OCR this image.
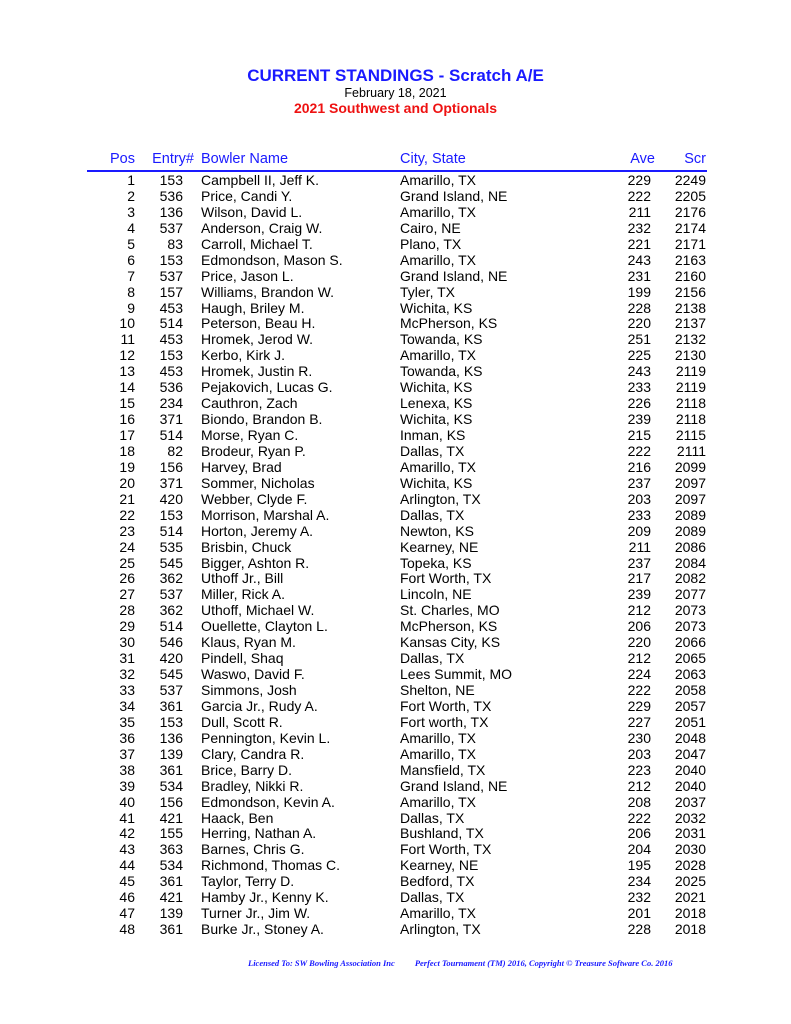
CURRENT STANDINGS - Scratch A/E
February 18, 2021
2021 Southwest and Optionals
Pos Entry# Bowler Name	City, State	Ave Scr
1 153 Campbell II, Jeff K.	Amarillo, TX	229 2249
2 536 Price, Candi Y.	Grand Island, NE	222 2205
3 136 Wilson, David L.	Amarillo, TX	211 2176
4 537 Anderson, Craig W.	Cairo, NE	232 2174
5 83 Carroll, Michael T.	Plano, TX	221 2171
6 153 Edmondson, Mason S.	Amarillo, TX	243 2163
7 537 Price, Jason L.	Grand Island, NE	231 2160
8 157 Williams, Brandon W.	Tyler, TX	199 2156
9 453 Haugh, Briley M.	Wichita, KS	228 2138
10 514 Peterson, Beau H.	McPherson, KS	220 2137
11 453 Hromek, Jerod W.	Towanda, KS	251 2132
12 153 Kerbo, Kirk J.	Amarillo, TX	225 2130
13 453 Hromek, Justin R.	Towanda, KS	243 2119
14 536 Pejakovich, Lucas G.	Wichita, KS	233 2119
15 234 Cauthron, Zach	Lenexa, KS	226 2118
16 371 Biondo, Brandon B.	Wichita, KS	239 2118
17 514 Morse, Ryan C.	Inman, KS	215 2115
18 82 Brodeur, Ryan P.	Dallas, TX	222 2111
19 156 Harvey, Brad	Amarillo, TX	216 2099
20 371 Sommer, Nicholas	Wichita, KS	237 2097
21 420 Webber, Clyde F.	Arlington, TX	203 2097
22 153 Morrison, Marshal A.	Dallas, TX	233 2089
23 514 Horton, Jeremy A.	Newton, KS	209 2089
24 535 Brisbin, Chuck	Kearney, NE	211 2086
25 545 Bigger, Ashton R.	Topeka, KS	237 2084
26 362 Uthoff Jr., Bill	Fort Worth, TX	217 2082
27 537 Miller, Rick A.	Lincoln, NE	239 2077
28 362 Uthoff, Michael W.	St. Charles, MO	212 2073
29 514 Ouellette, Clayton L.	McPherson, KS	206 2073
30 546 Klaus, Ryan M.	Kansas City, KS	220 2066
31 420 Pindell, Shaq	Dallas, TX	212 2065
32 545 Waswo, David F.	Lees Summit, MO	224 2063
33 537 Simmons, Josh	Shelton, NE	222 2058
34 361 Garcia Jr., Rudy A.	Fort Worth, TX	229 2057
35 153 Dull, Scott R.	Fort worth, TX	227 2051
36 136 Pennington, Kevin L.	Amarillo, TX	230 2048
37 139 Clary, Candra R.	Amarillo, TX	203 2047
38 361 Brice, Barry D.	Mansfield, TX	223 2040
39 534 Bradley, Nikki R.	Grand Island, NE	212 2040
40 156 Edmondson, Kevin A.	Amarillo, TX	208 2037
41 421 Haack, Ben	Dallas, TX	222 2032
42 155 Herring, Nathan A.	Bushland, TX	206 2031
43 363 Barnes, Chris G.	Fort Worth, TX	204 2030
44 534 Richmond, Thomas C.	Kearney, NE	195 2028
45 361 Taylor, Terry D.	Bedford, TX	234 2025
46 421 Hamby Jr., Kenny K.	Dallas, TX	232 2021
47 139 Turner Jr., Jim W.	Amarillo, TX	201 2018
48 361 Burke Jr., Stoney A.	Arlington, TX	228 2018
Licensed To: SW Bowling Association Inc Perfect Tournament (TM) 2016, Copyright © Treasure Software Co. 2016
